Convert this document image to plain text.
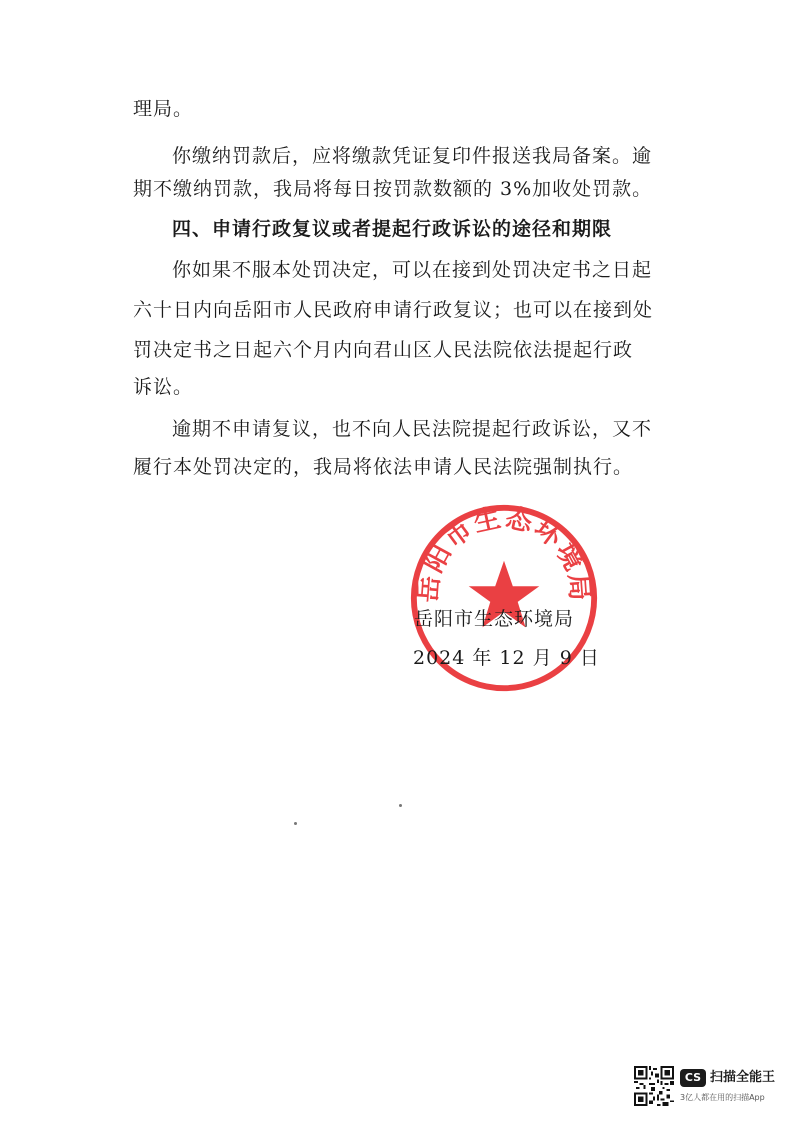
理局。
你缴纳罚款后，应将缴款凭证复印件报送我局备案。逾
期不缴纳罚款，我局将每日按罚款数额的 3%加收处罚款。
四、申请行政复议或者提起行政诉讼的途径和期限
你如果不服本处罚决定，可以在接到处罚决定书之日起
六十日内向岳阳市人民政府申请行政复议；也可以在接到处
罚决定书之日起六个月内向君山区人民法院依法提起行政
诉讼。
逾期不申请复议，也不向人民法院提起行政诉讼，又不
履行本处罚决定的，我局将依法申请人民法院强制执行。
岳阳市生态环境局
岳阳市生态环境局
2024 年 12 月 9 日
CS 扫描全能王
3亿人都在用的扫描App
